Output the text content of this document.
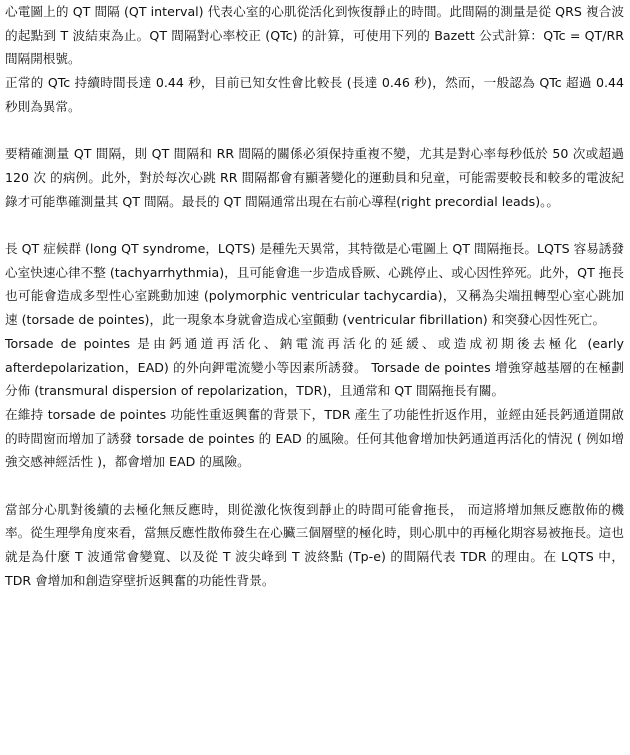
心電圖上的 QT 間隔 (QT interval) 代表心室的心肌從活化到恢復靜止的時間。此間隔的測量是從 QRS 複合波的起點到 T 波結束為止。QT 間隔對心率校正 (QTc) 的計算，可使用下列的 Bazett 公式計算：QTc = QT/RR 間隔開根號。

正常的 QTc 持續時間長達 0.44 秒，目前已知女性會比較長 (長達 0.46 秒)，然而，一般認為 QTc 超過 0.44 秒則為異常。

要精確測量 QT 間隔，則 QT 間隔和 RR 間隔的關係必須保持重複不變，尤其是對心率每秒低於 50 次或超過 120 次 的病例。此外，對於每次心跳 RR 間隔都會有顯著變化的運動員和兒童，可能需要較長和較多的電波紀錄才可能準確測量其 QT 間隔。最長的 QT 間隔通常出現在右前心導程(right precordial leads)。。

長 QT 症候群 (long QT syndrome，LQTS) 是種先天異常，其特徵是心電圖上 QT 間隔拖長。LQTS 容易誘發心室快速心律不整 (tachyarrhythmia)，且可能會進一步造成昏厥、心跳停止、或心因性猝死。此外，QT 拖長也可能會造成多型性心室跳動加速 (polymorphic ventricular tachycardia)，又稱為尖端扭轉型心室心跳加速 (torsade de pointes)，此一現象本身就會造成心室顫動 (ventricular fibrillation) 和突發心因性死亡。

Torsade de pointes 是由鈣通道再活化、鈉電流再活化的延緩、或造成初期後去極化 (early afterdepolarization，EAD) 的外向鉀電流變小等因素所誘發。 Torsade de pointes 增強穿越基層的在極劃分佈 (transmural dispersion of repolarization，TDR)，且通常和 QT 間隔拖長有關。

在維持 torsade de pointes 功能性重返興奮的背景下，TDR 產生了功能性折返作用，並經由延長鈣通道開啟的時間窗而增加了誘發 torsade de pointes 的 EAD 的風險。任何其他會增加快鈣通道再活化的情況 ( 例如增強交感神經活性 )，都會增加 EAD 的風險。

當部分心肌對後續的去極化無反應時，則從激化恢復到靜止的時間可能會拖長， 而這將增加無反應散佈的機率。從生理學角度來看，當無反應性散佈發生在心臟三個層壁的極化時，則心肌中的再極化期容易被拖長。這也就是為什麼 T 波通常會變寬、以及從 T 波尖峰到 T 波終點 (Tp-e) 的間隔代表 TDR 的理由。在 LQTS 中，TDR 會增加和創造穿壁折返興奮的功能性背景。
